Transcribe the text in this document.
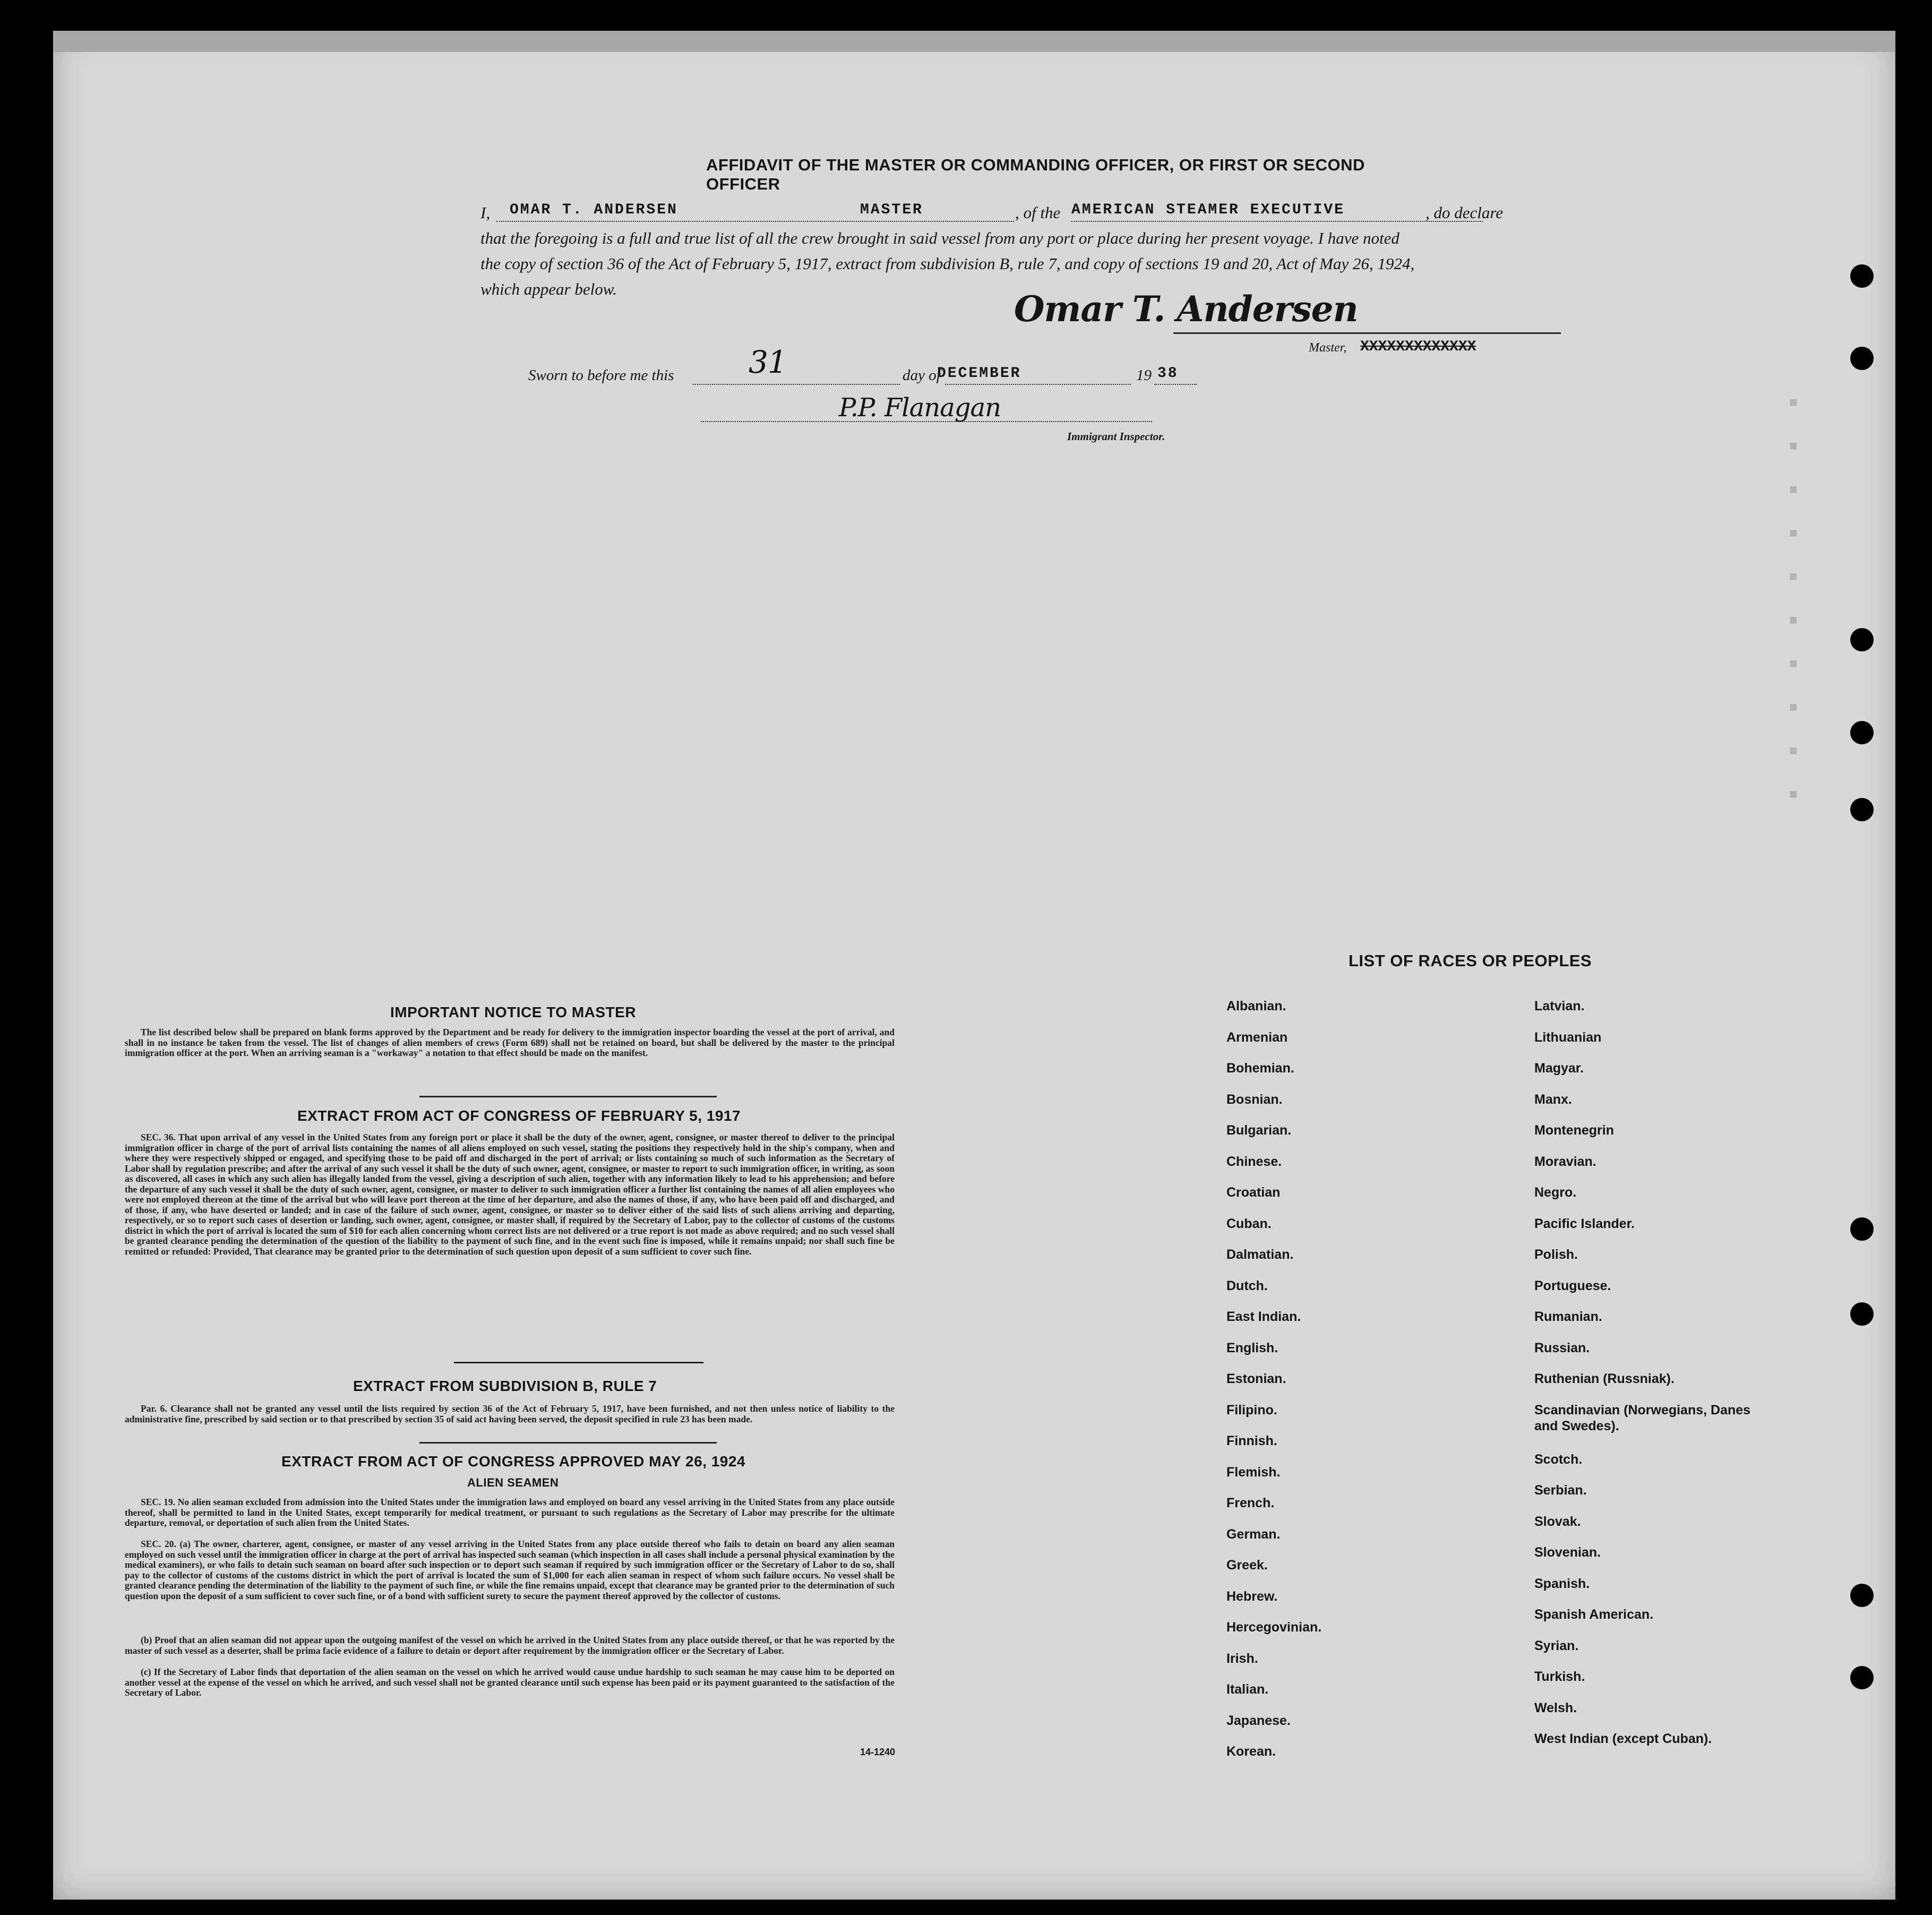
■
■
■
■
■
■
■
■
■
■
AFFIDAVIT OF THE MASTER OR COMMANDING OFFICER, OR FIRST OR SECOND OFFICER
I, OMAR T. ANDERSEN	MASTER	, of the AMERICAN STEAMER EXECUTIVE	, do declare
that the foregoing is a full and true list of all the crew brought in said vessel from any port or place during her present voyage. I have noted
the copy of section 36 of the Act of February 5, 1917, extract from subdivision B, rule 7, and copy of sections 19 and 20, Act of May 26, 1924,
which appear below.	Omar T. Andersen
Master, XXXXXXXXXXXXX
Sworn to before me this 31	day of
DECEMBER	19 38
P.P. Flanagan
Immigrant Inspector.
IMPORTANT NOTICE TO MASTER
The list described below shall be prepared on blank forms approved by the Department and be ready for delivery to the immigration inspector boarding the vessel at the port of arrival, and shall in no instance be taken from the vessel. The list of changes of alien members of crews (Form 689) shall not be retained on board, but shall be delivered by the master to the principal immigration officer at the port. When an arriving seaman is a "workaway" a notation to that effect should be made on the manifest.
EXTRACT FROM ACT OF CONGRESS OF FEBRUARY 5, 1917
SEC. 36. That upon arrival of any vessel in the United States from any foreign port or place it shall be the duty of the owner, agent, consignee, or master thereof to deliver to the principal immigration officer in charge of the port of arrival lists containing the names of all aliens employed on such vessel, stating the positions they respectively hold in the ship's company, when and where they were respectively shipped or engaged, and specifying those to be paid off and discharged in the port of arrival; or lists containing so much of such information as the Secretary of Labor shall by regulation prescribe; and after the arrival of any such vessel it shall be the duty of such owner, agent, consignee, or master to report to such immigration officer, in writing, as soon as discovered, all cases in which any such alien has illegally landed from the vessel, giving a description of such alien, together with any information likely to lead to his apprehension; and before the departure of any such vessel it shall be the duty of such owner, agent, consignee, or master to deliver to such immigration officer a further list containing the names of all alien employees who were not employed thereon at the time of the arrival but who will leave port thereon at the time of her departure, and also the names of those, if any, who have been paid off and discharged, and of those, if any, who have deserted or landed; and in case of the failure of such owner, agent, consignee, or master so to deliver either of the said lists of such aliens arriving and departing, respectively, or so to report such cases of desertion or landing, such owner, agent, consignee, or master shall, if required by the Secretary of Labor, pay to the collector of customs of the customs district in which the port of arrival is located the sum of $10 for each alien concerning whom correct lists are not delivered or a true report is not made as above required; and no such vessel shall be granted clearance pending the determination of the question of the liability to the payment of such fine, and in the event such fine is imposed, while it remains unpaid; nor shall such fine be remitted or refunded: Provided, That clearance may be granted prior to the determination of such question upon deposit of a sum sufficient to cover such fine.
EXTRACT FROM SUBDIVISION B, RULE 7
Par. 6. Clearance shall not be granted any vessel until the lists required by section 36 of the Act of February 5, 1917, have been furnished, and not then unless notice of liability to the administrative fine, prescribed by said section or to that prescribed by section 35 of said act having been served, the deposit specified in rule 23 has been made.
EXTRACT FROM ACT OF CONGRESS APPROVED MAY 26, 1924
ALIEN SEAMEN
SEC. 19. No alien seaman excluded from admission into the United States under the immigration laws and employed on board any vessel arriving in the United States from any place outside thereof, shall be permitted to land in the United States, except temporarily for medical treatment, or pursuant to such regulations as the Secretary of Labor may prescribe for the ultimate departure, removal, or deportation of such alien from the United States.
SEC. 20. (a) The owner, charterer, agent, consignee, or master of any vessel arriving in the United States from any place outside thereof who fails to detain on board any alien seaman employed on such vessel until the immigration officer in charge at the port of arrival has inspected such seaman (which inspection in all cases shall include a personal physical examination by the medical examiners), or who fails to detain such seaman on board after such inspection or to deport such seaman if required by such immigration officer or the Secretary of Labor to do so, shall pay to the collector of customs of the customs district in which the port of arrival is located the sum of $1,000 for each alien seaman in respect of whom such failure occurs. No vessel shall be granted clearance pending the determination of the liability to the payment of such fine, or while the fine remains unpaid, except that clearance may be granted prior to the determination of such question upon the deposit of a sum sufficient to cover such fine, or of a bond with sufficient surety to secure the payment thereof approved by the collector of customs.
(b) Proof that an alien seaman did not appear upon the outgoing manifest of the vessel on which he arrived in the United States from any place outside thereof, or that he was reported by the master of such vessel as a deserter, shall be prima facie evidence of a failure to detain or deport after requirement by the immigration officer or the Secretary of Labor.
(c) If the Secretary of Labor finds that deportation of the alien seaman on the vessel on which he arrived would cause undue hardship to such seaman he may cause him to be deported on another vessel at the expense of the vessel on which he arrived, and such vessel shall not be granted clearance until such expense has been paid or its payment guaranteed to the satisfaction of the Secretary of Labor.
14-1240
LIST OF RACES OR PEOPLES
Albanian.
Armenian
Bohemian.
Bosnian.
Bulgarian.
Chinese.
Croatian
Cuban.
Dalmatian.
Dutch.
East Indian.
English.
Estonian.
Filipino.
Finnish.
Flemish.
French.
German.
Greek.
Hebrew.
Hercegovinian.
Irish.
Italian.
Japanese.
Korean.
Latvian.
Lithuanian
Magyar.
Manx.
Montenegrin
Moravian.
Negro.
Pacific Islander.
Polish.
Portuguese.
Rumanian.
Russian.
Ruthenian (Russniak).
Scandinavian (Norwegians, Danes and Swedes).
Scotch.
Serbian.
Slovak.
Slovenian.
Spanish.
Spanish American.
Syrian.
Turkish.
Welsh.
West Indian (except Cuban).
